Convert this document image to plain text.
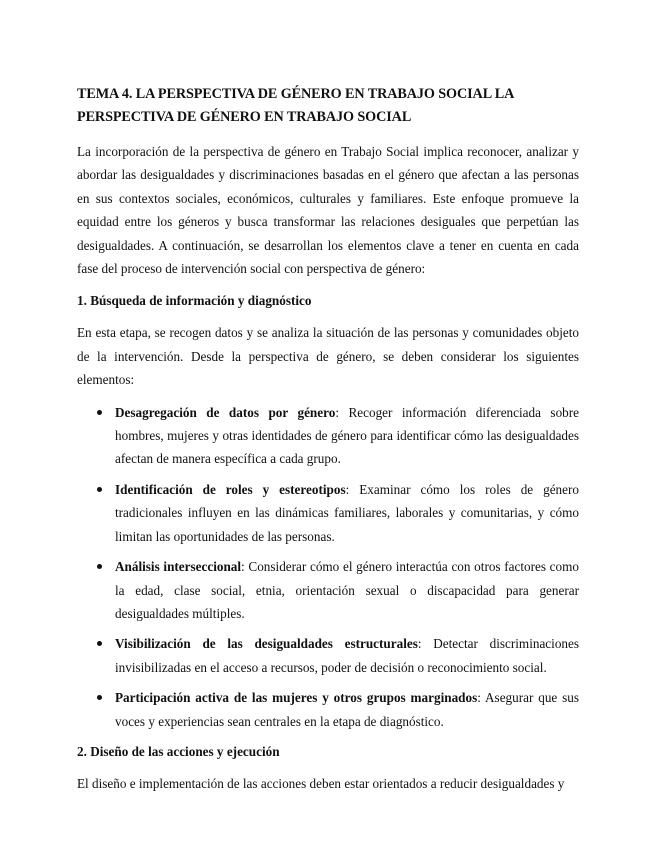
TEMA 4. LA PERSPECTIVA DE GÉNERO EN TRABAJO SOCIAL LA PERSPECTIVA DE GÉNERO EN TRABAJO SOCIAL

La incorporación de la perspectiva de género en Trabajo Social implica reconocer, analizar y abordar las desigualdades y discriminaciones basadas en el género que afectan a las personas en sus contextos sociales, económicos, culturales y familiares. Este enfoque promueve la equidad entre los géneros y busca transformar las relaciones desiguales que perpetúan las desigualdades. A continuación, se desarrollan los elementos clave a tener en cuenta en cada fase del proceso de intervención social con perspectiva de género:

1. Búsqueda de información y diagnóstico

En esta etapa, se recogen datos y se analiza la situación de las personas y comunidades objeto de la intervención. Desde la perspectiva de género, se deben considerar los siguientes elementos:

Desagregación de datos por género: Recoger información diferenciada sobre hombres, mujeres y otras identidades de género para identificar cómo las desigualdades afectan de manera específica a cada grupo.
Identificación de roles y estereotipos: Examinar cómo los roles de género tradicionales influyen en las dinámicas familiares, laborales y comunitarias, y cómo limitan las oportunidades de las personas.
Análisis interseccional: Considerar cómo el género interactúa con otros factores como la edad, clase social, etnia, orientación sexual o discapacidad para generar desigualdades múltiples.
Visibilización de las desigualdades estructurales: Detectar discriminaciones invisibilizadas en el acceso a recursos, poder de decisión o reconocimiento social.
Participación activa de las mujeres y otros grupos marginados: Asegurar que sus voces y experiencias sean centrales en la etapa de diagnóstico.
2. Diseño de las acciones y ejecución

El diseño e implementación de las acciones deben estar orientados a reducir desigualdades y
